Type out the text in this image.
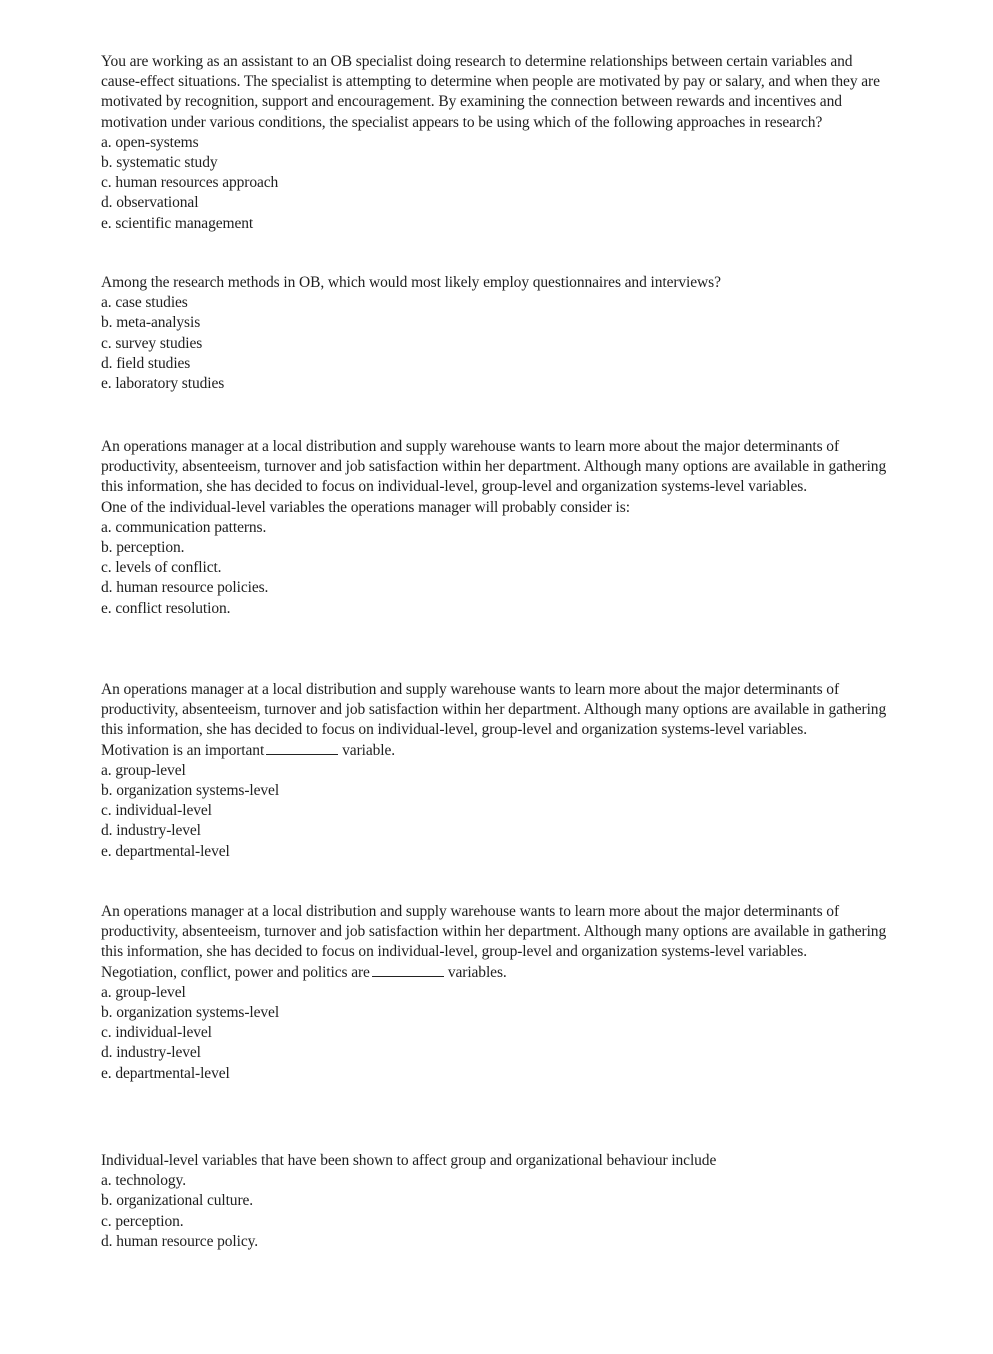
You are working as an assistant to an OB specialist doing research to determine relationships between certain variables and cause-effect situations. The specialist is attempting to determine when people are motivated by pay or salary, and when they are motivated by recognition, support and encouragement. By examining the connection between rewards and incentives and motivation under various conditions, the specialist appears to be using which of the following approaches in research?

a. open-systems
b. systematic study
c. human resources approach
d. observational
e. scientific management

Among the research methods in OB, which would most likely employ questionnaires and interviews?

a. case studies
b. meta-analysis
c. survey studies
d. field studies
e. laboratory studies

An operations manager at a local distribution and supply warehouse wants to learn more about the major determinants of productivity, absenteeism, turnover and job satisfaction within her department. Although many options are available in gathering this information, she has decided to focus on individual-level, group-level and organization systems-level variables.

One of the individual-level variables the operations manager will probably consider is:

a. communication patterns.
b. perception.
c. levels of conflict.
d. human resource policies.
e. conflict resolution.

An operations manager at a local distribution and supply warehouse wants to learn more about the major determinants of productivity, absenteeism, turnover and job satisfaction within her department. Although many options are available in gathering this information, she has decided to focus on individual-level, group-level and organization systems-level variables.

Motivation is an important	variable.

a. group-level
b. organization systems-level
c. individual-level
d. industry-level
e. departmental-level

An operations manager at a local distribution and supply warehouse wants to learn more about the major determinants of productivity, absenteeism, turnover and job satisfaction within her department. Although many options are available in gathering this information, she has decided to focus on individual-level, group-level and organization systems-level variables.

Negotiation, conflict, power and politics are	variables.

a. group-level
b. organization systems-level
c. individual-level
d. industry-level
e. departmental-level

Individual-level variables that have been shown to affect group and organizational behaviour include

a. technology.
b. organizational culture.
c. perception.
d. human resource policy.
